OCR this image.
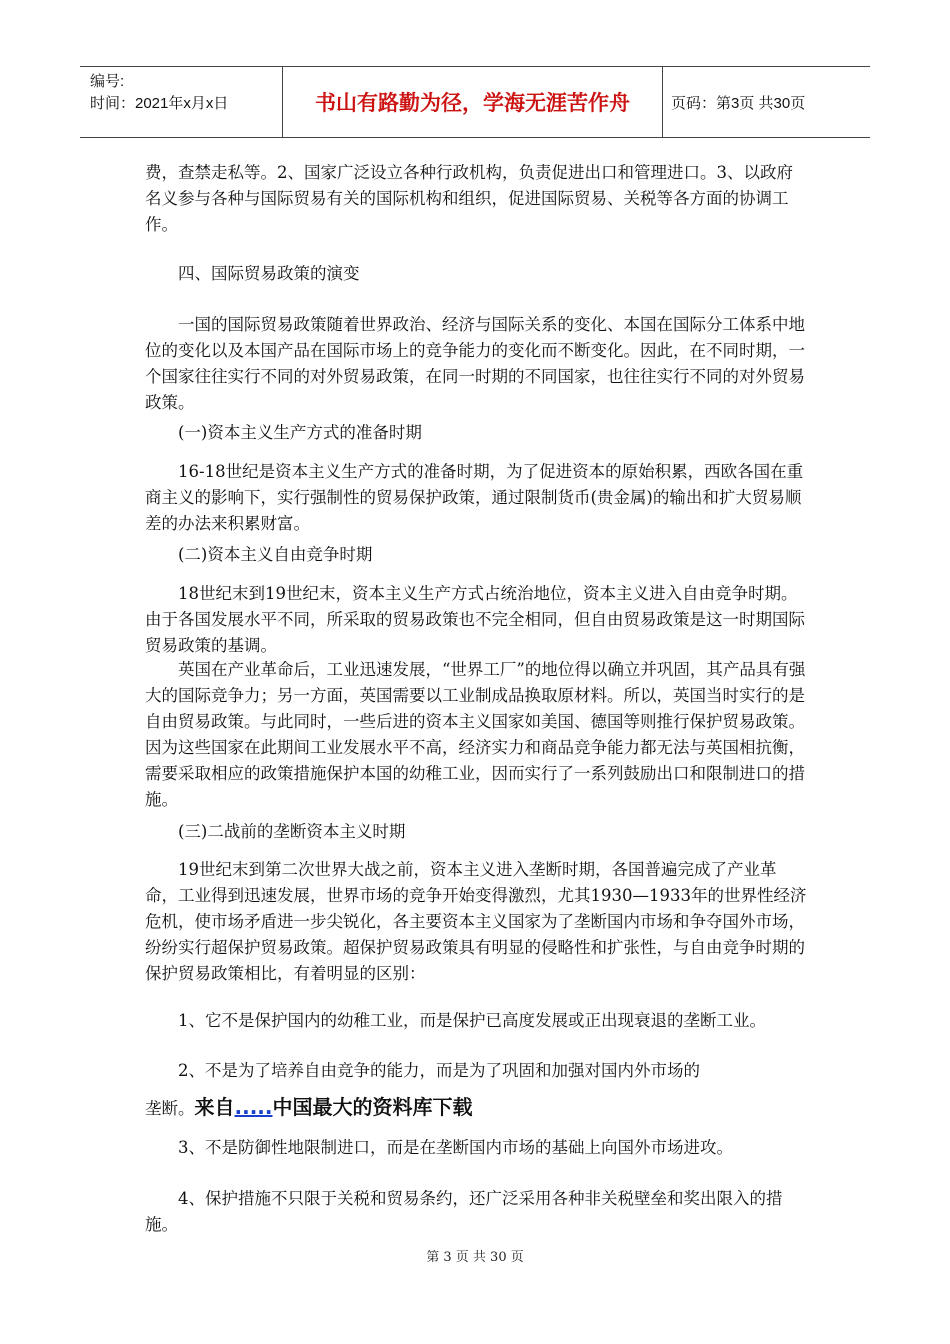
编号:
时间：2021年x月x日	书山有路勤为径，学海无涯苦作舟	页码：第3页 共30页

费，查禁走私等。2、国家广泛设立各种行政机构，负责促进出口和管理进口。3、以政府名义参与各种与国际贸易有关的国际机构和组织，促进国际贸易、关税等各方面的协调工作。

四、国际贸易政策的演变

一国的国际贸易政策随着世界政治、经济与国际关系的变化、本国在国际分工体系中地位的变化以及本国产品在国际市场上的竞争能力的变化而不断变化。因此，在不同时期，一个国家往往实行不同的对外贸易政策，在同一时期的不同国家，也往往实行不同的对外贸易政策。

(一)资本主义生产方式的准备时期

16-18世纪是资本主义生产方式的准备时期，为了促进资本的原始积累，西欧各国在重商主义的影响下，实行强制性的贸易保护政策，通过限制货币(贵金属)的输出和扩大贸易顺差的办法来积累财富。

(二)资本主义自由竞争时期

18世纪末到19世纪末，资本主义生产方式占统治地位，资本主义进入自由竞争时期。由于各国发展水平不同，所采取的贸易政策也不完全相同，但自由贸易政策是这一时期国际贸易政策的基调。

英国在产业革命后，工业迅速发展，“世界工厂”的地位得以确立并巩固，其产品具有强大的国际竞争力；另一方面，英国需要以工业制成品换取原材料。所以，英国当时实行的是自由贸易政策。与此同时，一些后进的资本主义国家如美国、德国等则推行保护贸易政策。因为这些国家在此期间工业发展水平不高，经济实力和商品竞争能力都无法与英国相抗衡，需要采取相应的政策措施保护本国的幼稚工业，因而实行了一系列鼓励出口和限制进口的措施。

(三)二战前的垄断资本主义时期

19世纪末到第二次世界大战之前，资本主义进入垄断时期，各国普遍完成了产业革命，工业得到迅速发展，世界市场的竞争开始变得激烈，尤其1930—1933年的世界性经济危机，使市场矛盾进一步尖锐化，各主要资本主义国家为了垄断国内市场和争夺国外市场，纷纷实行超保护贸易政策。超保护贸易政策具有明显的侵略性和扩张性，与自由竞争时期的保护贸易政策相比，有着明显的区别：

1、它不是保护国内的幼稚工业，而是保护已高度发展或正出现衰退的垄断工业。

2、不是为了培养自由竞争的能力，而是为了巩固和加强对国内外市场的

垄断。来自.....中国最大的资料库下载

3、不是防御性地限制进口，而是在垄断国内市场的基础上向国外市场进攻。

4、保护措施不只限于关税和贸易条约，还广泛采用各种非关税壁垒和奖出限入的措施。

第 3 页 共 30 页
